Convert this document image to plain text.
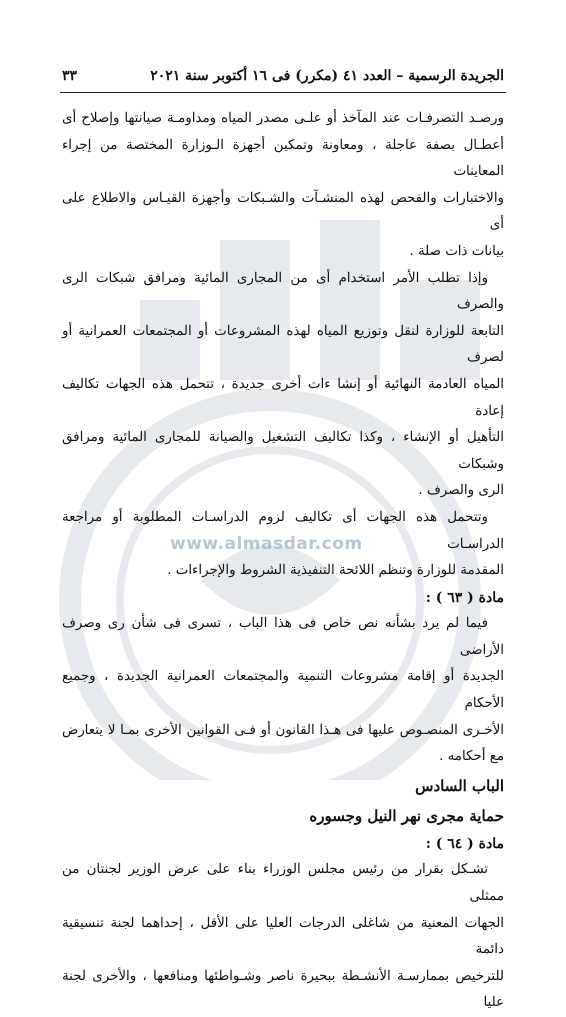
www.almasdar.com
الجريدة الرسمية – العدد ٤١ (مكرر) فى ١٦ أكتوبر سنة ٢٠٢١
٣٣

ورصـد التصرفـات عند المآخذ أو علـى مصدر المياه ومداومـة صيانتها وإصلاح أى

أعطـال بصفة عاجلة ، ومعاونة وتمكين أجهزة الـوزارة المختصة من إجراء المعاينات

والاختبارات والفحص لهذه المنشـآت والشـبكات وأجهزة القيـاس والاطلاع على أى

بيانات ذات صلة .

وإذا تطلب الأمر استخدام أى من المجارى المائية ومرافق شبكات الرى والصرف

التابعة للوزارة لنقل وتوزيع المياه لهذه المشروعات أو المجتمعات العمرانية أو لصرف

المياه العادمة النهائية أو إنشا ءات أخرى جديدة ، تتحمل هذه الجهات تكاليف إعادة

التأهيل أو الإنشاء ، وكذا تكاليف التشغيل والصيانة للمجارى المائية ومرافق وشبكات

الرى والصرف .

وتتحمل هذه الجهات أى تكاليف لزوم الدراسـات المطلوبة أو مراجعة الدراسـات

المقدمة للوزارة وتنظم اللائحة التنفيذية الشروط والإجراءات .

مادة ( ٦٣ ) :

فيما لم يرد بشأنه نص خاص فى هذا الباب ، تسرى فى شأن رى وصرف الأراضى

الجديدة أو إقامة مشروعات التنمية والمجتمعات العمرانية الجديدة ، وجميع الأحكام

الأخـرى المنصـوص عليها فى هـذا القانون أو فـى القوانين الأخرى بمـا لا يتعارض

مع أحكامه .

الباب السادس

حماية مجرى نهر النيل وجسوره

مادة ( ٦٤ ) :

تشـكل بقرار من رئيس مجلس الوزراء بناء على عرض الوزير لجنتان من ممثلى

الجهات المعنية من شاغلى الدرجات العليا على الأقل ، إحداهما لجنة تنسيقية دائمة

للترخيص بممارسـة الأنشـطة ببحيرة ناصر وشـواطئها ومنافعها ، والأخرى لجنة عليا
